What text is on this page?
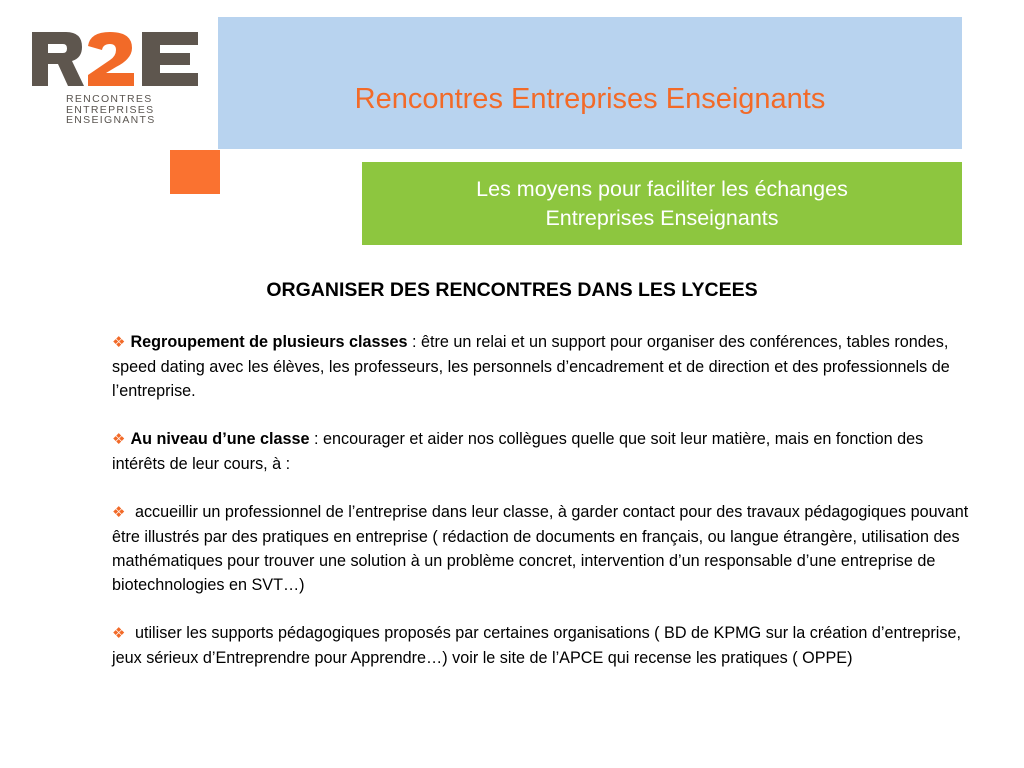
RENCONTRES
ENTREPRISES
ENSEIGNANTS
Rencontres Entreprises Enseignants
Les moyens pour faciliter les échanges
Entreprises Enseignants
ORGANISER DES RENCONTRES DANS LES LYCEES

❖ Regroupement de plusieurs classes : être un relai et un support pour organiser des conférences, tables rondes, speed dating avec les élèves, les professeurs, les personnels d’encadrement et de direction et des professionnels de l’entreprise.

❖ Au niveau d’une classe : encourager et aider nos collègues quelle que soit leur matière, mais en fonction des intérêts de leur cours, à :

❖ accueillir un professionnel de l’entreprise dans leur classe, à garder contact pour des travaux pédagogiques pouvant être illustrés par des pratiques en entreprise ( rédaction de documents en français, ou langue étrangère, utilisation des mathématiques pour trouver une solution à un problème concret, intervention d’un responsable d’une entreprise de biotechnologies en SVT…)

❖ utiliser les supports pédagogiques proposés par certaines organisations ( BD de KPMG sur la création d’entreprise, jeux sérieux d’Entreprendre pour Apprendre…) voir le site de l’APCE qui recense les pratiques ( OPPE)
